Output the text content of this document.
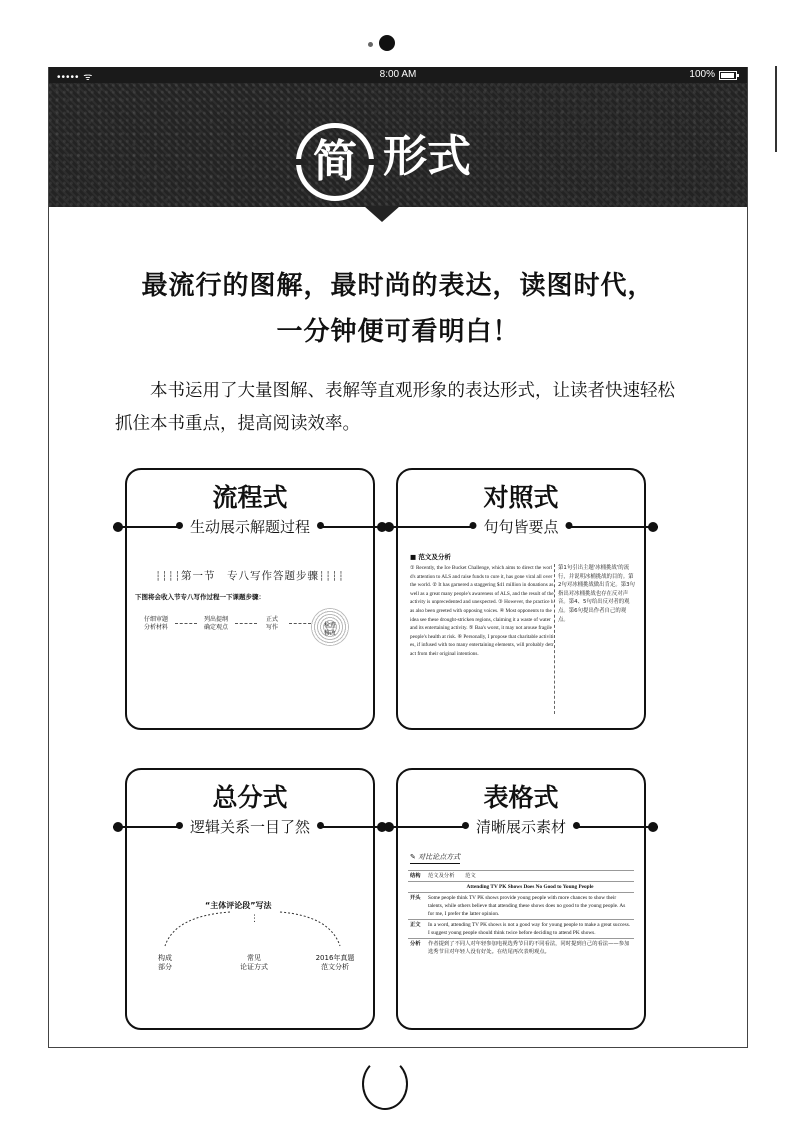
••••• ᯤ	8:00 AM	100%
简 形式
最流行的图解，最时尚的表达，读图时代，
一分钟便可看明白！
本书运用了大量图解、表解等直观形象的表达形式，让读者快速轻松抓住本书重点，提高阅读效率。
流程式
生动展示解题过程
┆┆┆┆ 第一节　专八写作答题步骤 ┆┆┆┆
下图将会收入节专八写作过程一下课题步骤：
仔细审题
分析材料
列出提纲
确定观点
正式
写作	检查
修改
对照式
句句皆要点
■ 范文及分析
① Recently, the Ice Bucket Challenge, which aims to direct the world's attention to ALS and raise funds to cure it, has gone viral all over the world. ② It has garnered a staggering $41 million in donations as well as a great many people's awareness of ALS, and the result of the activity is unprecedented and unexpected. ③ However, the practice has also been greeted with opposing voices. ④ Most opponents to the idea see these drought-stricken regions, claiming it a waste of water and its entertaining activity. ⑤ Baa's worst, it may not arouse fragile people's health at risk. ⑥ Personally, I propose that charitable activities, if infused with too many entertaining elements, will probably detract from their original intentions.
第1句引出主题'冰桶挑战'的流行，并说明冰桶挑战的目的。第2句对冰桶挑战做出肯定。第3句指出对冰桶挑战也存在反对声音。第4、5句给出反对者的观点。第6句提出作者自己的观点。
总分式
逻辑关系一目了然
“主体评论段”写法
⋮
构成
部分
常见
论证方式
2016年真题
范文分析
表格式
清晰展示素材
✎ 对比论点方式
结构	范文及分析　　范文
	Attending TV PK Shows Does No Good to Young People
开头	Some people think TV PK shows provide young people with more chances to show their talents, while others believe that attending these shows does no good to the young people. As for me, I prefer the latter opinion.
正文	In a word, attending TV PK shows is not a good way for young people to make a great success. I suggest young people should think twice before deciding to attend PK shows.
分析	作者提到了不同人对年轻参加电视选秀节目的不同看法，同时提到自己的看法——参加选秀节目对年轻人没有好处。在结尾再次表明观点。
